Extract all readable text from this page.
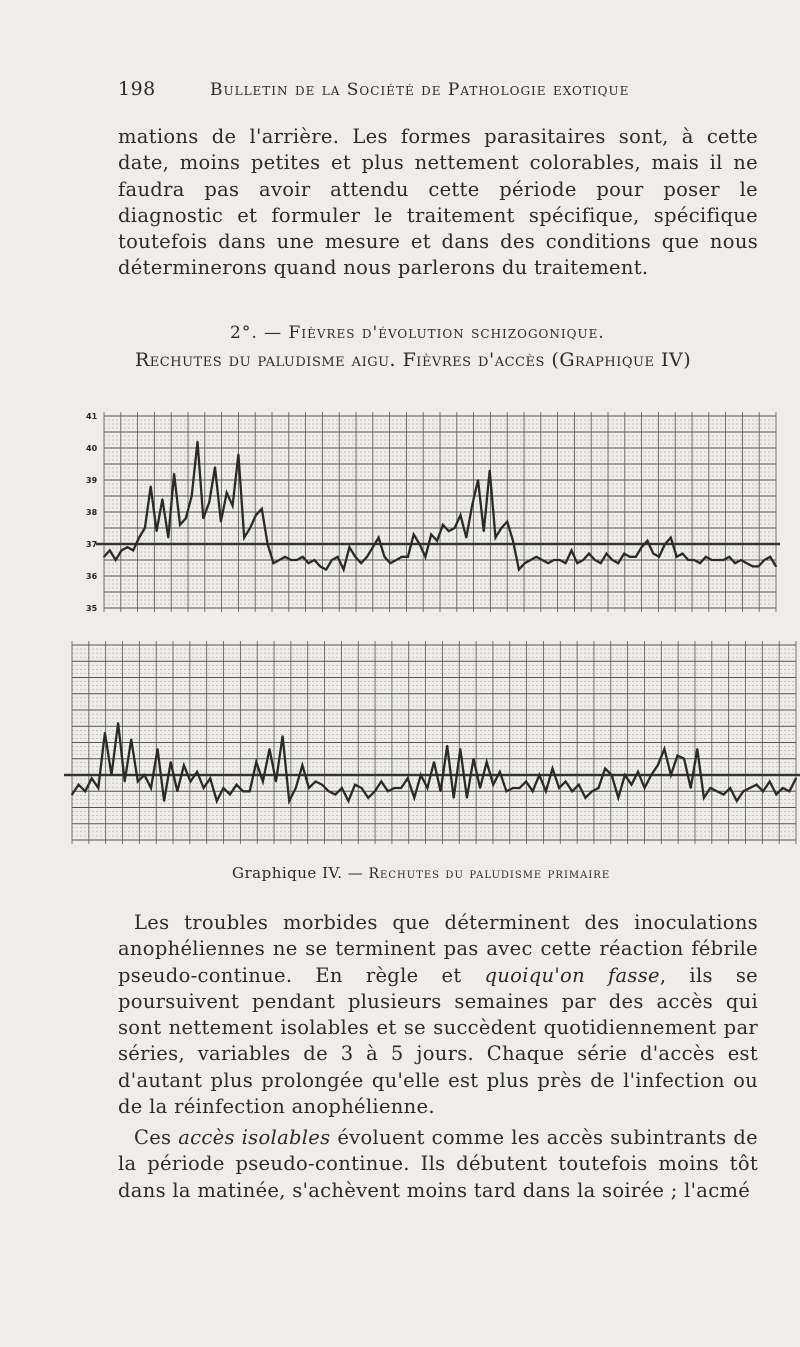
198	Bulletin de la Société de Pathologie exotique

mations de l'arrière. Les formes parasitaires sont, à cette date, moins petites et plus nettement colorables, mais il ne faudra pas avoir attendu cette période pour poser le diagnostic et formuler le traitement spécifique, spécifique toutefois dans une mesure et dans des conditions que nous déterminerons quand nous parlerons du traitement.

2°. — Fièvres d'évolution schizogonique.
Rechutes du paludisme aigu. Fièvres d'accès (Graphique IV)
41
40
39
38
37
36
35
Graphique IV. — Rechutes du paludisme primaire

Les troubles morbides que déterminent des inoculations anophéliennes ne se terminent pas avec cette réaction fébrile pseudo-continue. En règle et quoiqu'on fasse, ils se poursuivent pendant plusieurs semaines par des accès qui sont nettement isolables et se succèdent quotidiennement par séries, variables de 3 à 5 jours. Chaque série d'accès est d'autant plus prolongée qu'elle est plus près de l'infection ou de la réinfection anophélienne.

Ces accès isolables évoluent comme les accès subintrants de la période pseudo-continue. Ils débutent toutefois moins tôt dans la matinée, s'achèvent moins tard dans la soirée ; l'acmé
